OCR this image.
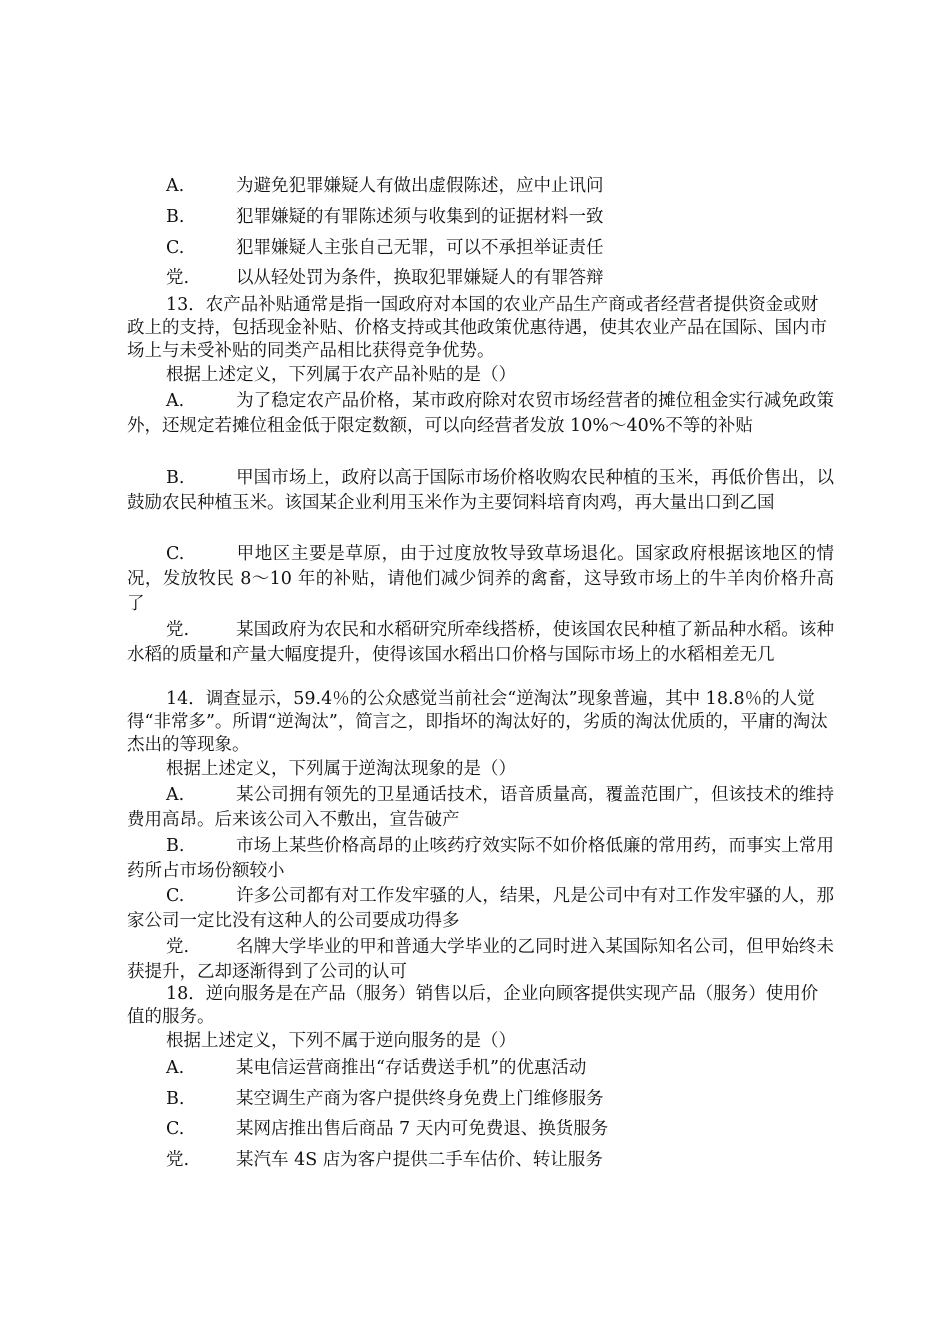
A.	为避免犯罪嫌疑人有做出虚假陈述，应中止讯问
B.	犯罪嫌疑的有罪陈述须与收集到的证据材料一致
C.	犯罪嫌疑人主张自己无罪，可以不承担举证责任
党.	以从轻处罚为条件，换取犯罪嫌疑人的有罪答辩
13．农产品补贴通常是指一国政府对本国的农业产品生产商或者经营者提供资金或财政上的支持，包括现金补贴、价格支持或其他政策优惠待遇，使其农业产品在国际、国内市场上与未受补贴的同类产品相比获得竞争优势。
根据上述定义，下列属于农产品补贴的是（）
A.	为了稳定农产品价格，某市政府除对农贸市场经营者的摊位租金实行减免政策外，还规定若摊位租金低于限定数额，可以向经营者发放 10%～40%不等的补贴
B.	甲国市场上，政府以高于国际市场价格收购农民种植的玉米，再低价售出，以鼓励农民种植玉米。该国某企业利用玉米作为主要饲料培育肉鸡，再大量出口到乙国
C.	甲地区主要是草原，由于过度放牧导致草场退化。国家政府根据该地区的情况，发放牧民 8～10 年的补贴，请他们减少饲养的禽畜，这导致市场上的牛羊肉价格升高了
党.	某国政府为农民和水稻研究所牵线搭桥，使该国农民种植了新品种水稻。该种水稻的质量和产量大幅度提升，使得该国水稻出口价格与国际市场上的水稻相差无几
14．调查显示，59.4％的公众感觉当前社会“逆淘汰”现象普遍，其中 18.8％的人觉得“非常多”。所谓“逆淘汰”，简言之，即指坏的淘汰好的，劣质的淘汰优质的，平庸的淘汰杰出的等现象。
根据上述定义，下列属于逆淘汰现象的是（）
A.	某公司拥有领先的卫星通话技术，语音质量高，覆盖范围广，但该技术的维持费用高昂。后来该公司入不敷出，宣告破产
B.	市场上某些价格高昂的止咳药疗效实际不如价格低廉的常用药，而事实上常用药所占市场份额较小
C.	许多公司都有对工作发牢骚的人，结果，凡是公司中有对工作发牢骚的人，那家公司一定比没有这种人的公司要成功得多
党.	名牌大学毕业的甲和普通大学毕业的乙同时进入某国际知名公司，但甲始终未获提升，乙却逐渐得到了公司的认可
18．逆向服务是在产品（服务）销售以后，企业向顾客提供实现产品（服务）使用价值的服务。
根据上述定义，下列不属于逆向服务的是（）
A.	某电信运营商推出“存话费送手机”的优惠活动
B.	某空调生产商为客户提供终身免费上门维修服务
C.	某网店推出售后商品 7 天内可免费退、换货服务
党.	某汽车 4S 店为客户提供二手车估价、转让服务
